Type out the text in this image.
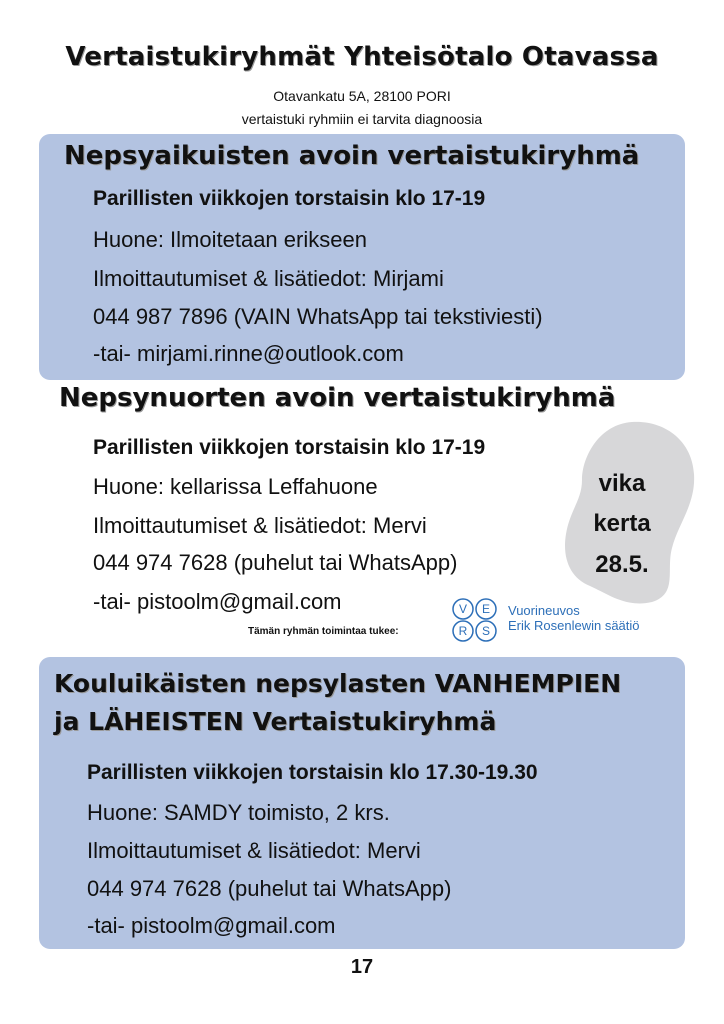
Vertaistukiryhmät Yhteisötalo Otavassa
Otavankatu 5A, 28100 PORI
vertaistuki ryhmiin ei tarvita diagnoosia
Nepsyaikuisten avoin vertaistukiryhmä
Parillisten viikkojen torstaisin klo 17-19
Huone: Ilmoitetaan erikseen
Ilmoittautumiset & lisätiedot: Mirjami
044 987 7896 (VAIN WhatsApp tai tekstiviesti)
-tai- mirjami.rinne@outlook.com
Nepsynuorten avoin vertaistukiryhmä
vika
kerta
28.5.
Parillisten viikkojen torstaisin klo 17-19
Huone: kellarissa Leffahuone
Ilmoittautumiset & lisätiedot: Mervi
044 974 7628 (puhelut tai WhatsApp)
-tai- pistoolm@gmail.com
Tämän ryhmän toimintaa tukee:
V E
R S
Vuorineuvos
Erik Rosenlewin säätiö
Kouluikäisten nepsylasten VANHEMPIEN
ja LÄHEISTEN Vertaistukiryhmä
Parillisten viikkojen torstaisin klo 17.30-19.30
Huone: SAMDY toimisto, 2 krs.
Ilmoittautumiset & lisätiedot: Mervi
044 974 7628 (puhelut tai WhatsApp)
-tai- pistoolm@gmail.com
17
